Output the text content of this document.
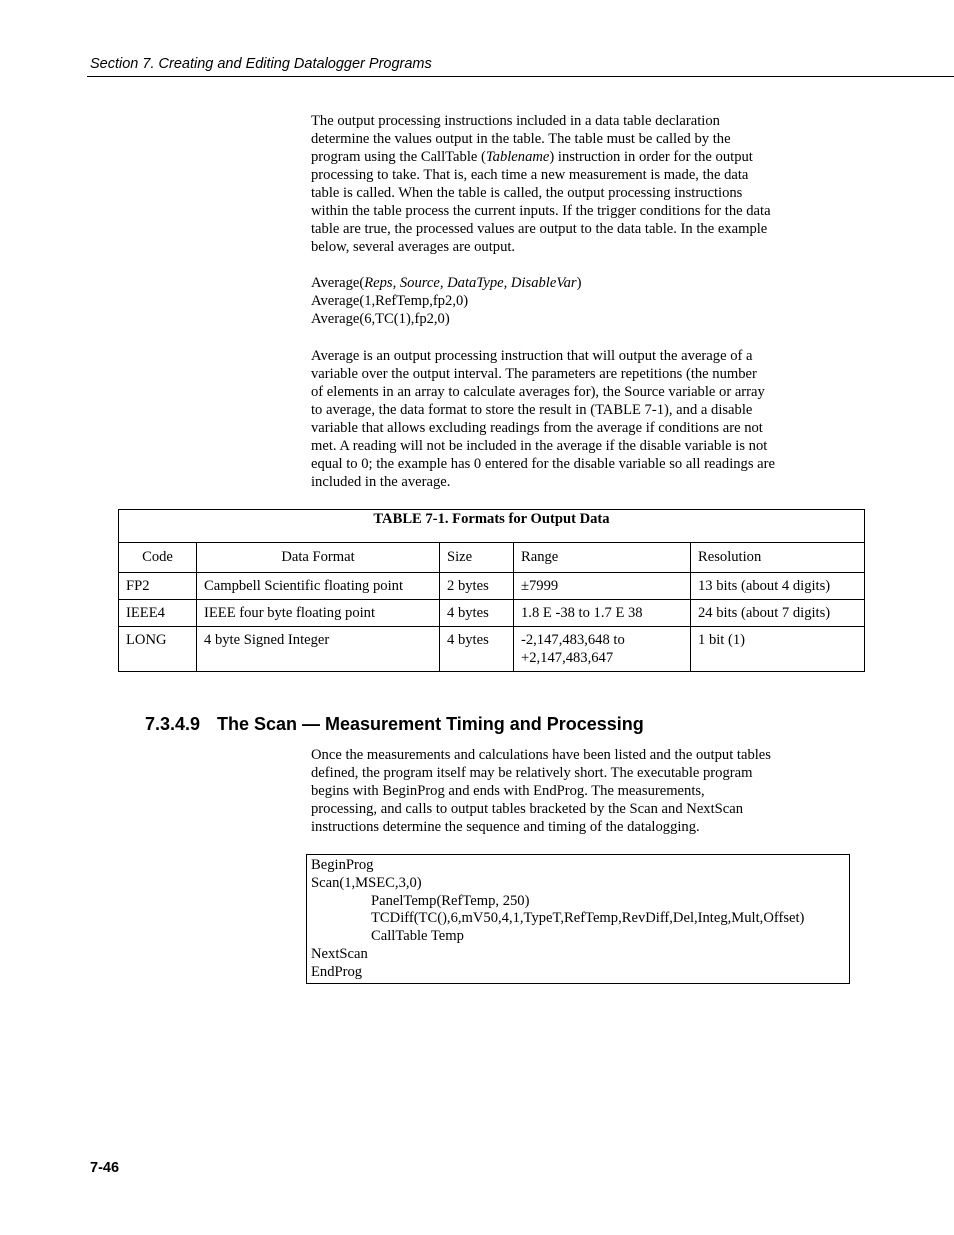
Section 7. Creating and Editing Datalogger Programs

The output processing instructions included in a data table declaration

determine the values output in the table. The table must be called by the

program using the CallTable (Tablename) instruction in order for the output

processing to take. That is, each time a new measurement is made, the data

table is called. When the table is called, the output processing instructions

within the table process the current inputs. If the trigger conditions for the data

table are true, the processed values are output to the data table. In the example

below, several averages are output.

Average(Reps, Source, DataType, DisableVar)
Average(1,RefTemp,fp2,0)
Average(6,TC(1),fp2,0)

Average is an output processing instruction that will output the average of a

variable over the output interval. The parameters are repetitions (the number

of elements in an array to calculate averages for), the Source variable or array

to average, the data format to store the result in (TABLE 7-1), and a disable

variable that allows excluding readings from the average if conditions are not

met. A reading will not be included in the average if the disable variable is not

equal to 0; the example has 0 entered for the disable variable so all readings are

included in the average.

TABLE 7-1. Formats for Output Data				
Code	Data Format	Size	Range	Resolution
FP2	Campbell Scientific floating point	2 bytes	±7999	13 bits (about 4 digits)
IEEE4	IEEE four byte floating point	4 bytes	1.8 E -38 to 1.7 E 38	24 bits (about 7 digits)
LONG	4 byte Signed Integer	4 bytes	-2,147,483,648 to
+2,147,483,647	1 bit (1)
7.3.4.9 The Scan — Measurement Timing and Processing

Once the measurements and calculations have been listed and the output tables

defined, the program itself may be relatively short. The executable program

begins with BeginProg and ends with EndProg. The measurements,

processing, and calls to output tables bracketed by the Scan and NextScan

instructions determine the sequence and timing of the datalogging.

BeginProg
Scan(1,MSEC,3,0)
PanelTemp(RefTemp, 250)
TCDiff(TC(),6,mV50,4,1,TypeT,RefTemp,RevDiff,Del,Integ,Mult,Offset)
CallTable Temp
NextScan
EndProg
7-46
